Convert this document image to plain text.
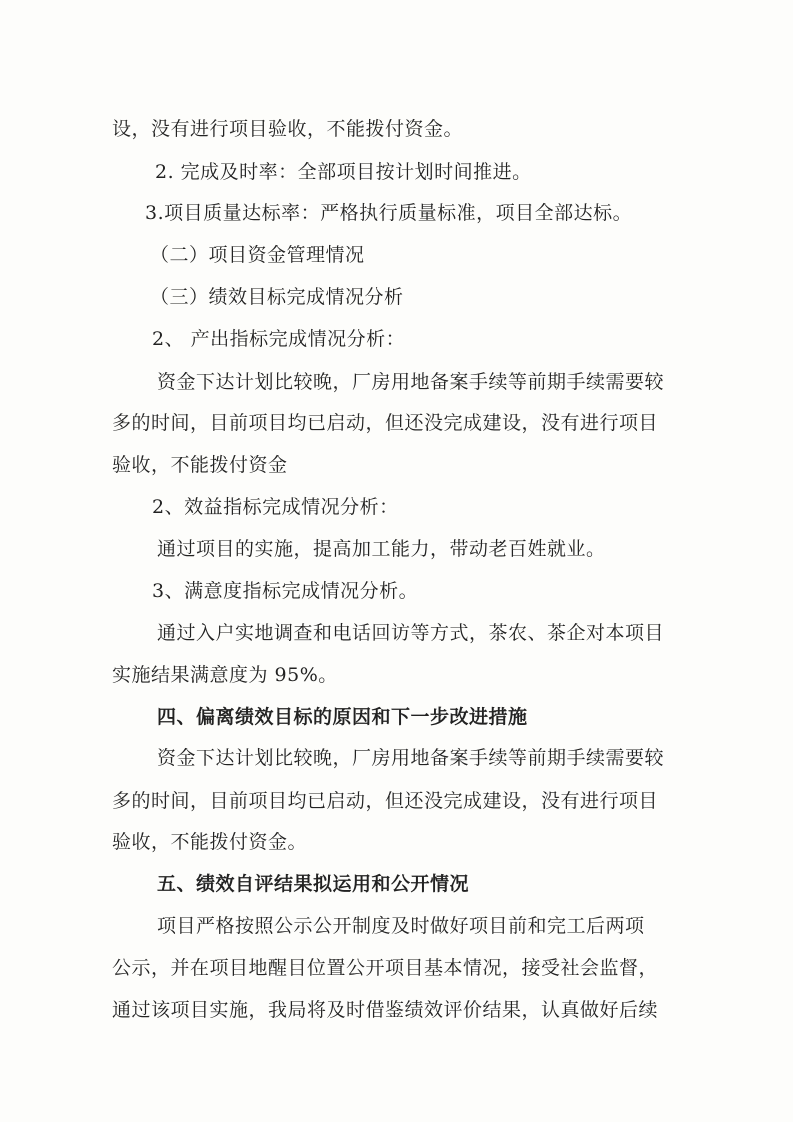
设，没有进行项目验收，不能拨付资金。
2. 完成及时率：全部项目按计划时间推进。
3.项目质量达标率：严格执行质量标准，项目全部达标。
（二）项目资金管理情况
（三）绩效目标完成情况分析
2、 产出指标完成情况分析：
资金下达计划比较晚，厂房用地备案手续等前期手续需要较
多的时间，目前项目均已启动，但还没完成建设，没有进行项目
验收，不能拨付资金
2、效益指标完成情况分析：
通过项目的实施，提高加工能力，带动老百姓就业。
3、满意度指标完成情况分析。
通过入户实地调查和电话回访等方式，茶农、茶企对本项目
实施结果满意度为 95%。
四、偏离绩效目标的原因和下一步改进措施
资金下达计划比较晚，厂房用地备案手续等前期手续需要较
多的时间，目前项目均已启动，但还没完成建设，没有进行项目
验收，不能拨付资金。
五、绩效自评结果拟运用和公开情况
项目严格按照公示公开制度及时做好项目前和完工后两项
公示，并在项目地醒目位置公开项目基本情况，接受社会监督，
通过该项目实施，我局将及时借鉴绩效评价结果，认真做好后续
